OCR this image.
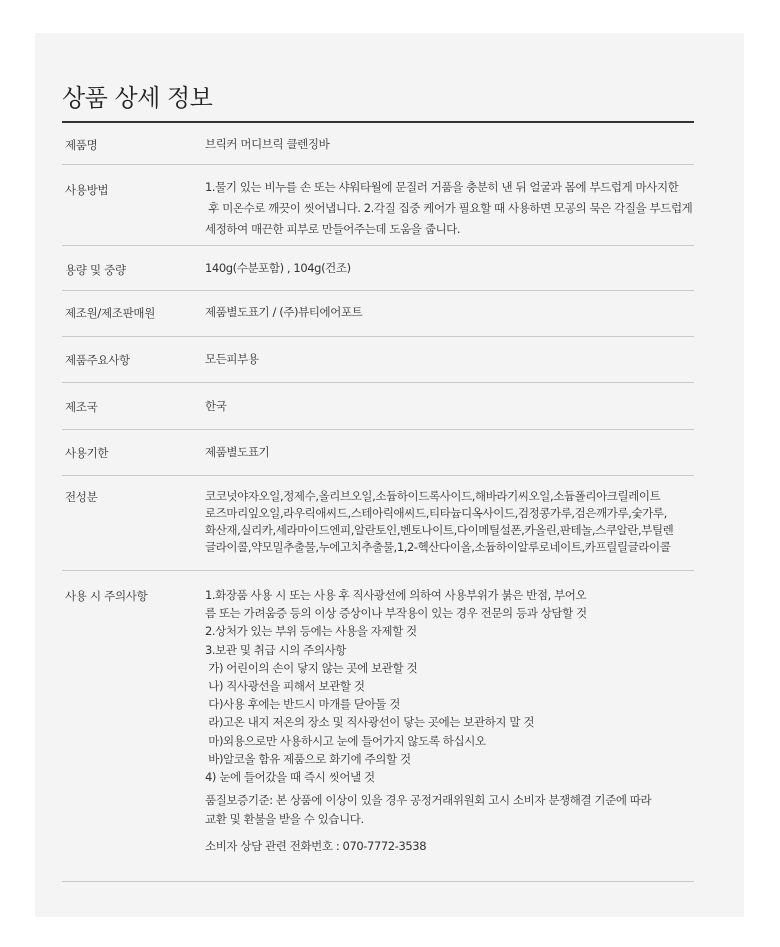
상품 상세 정보
제품명	브릭커 머디브릭 클렌징바
사용방법	1.물기 있는 비누를 손 또는 샤워타월에 문질러 거품을 충분히 낸 뒤 얼굴과 몸에 부드럽게 마사지한
후 미온수로 깨끗이 씻어냅니다. 2.각질 집중 케어가 필요할 때 사용하면 모공의 묵은 각질을 부드럽게
세정하여 매끈한 피부로 만들어주는데 도움을 줍니다.
용량 및 중량	140g(수분포함) , 104g(건조)
제조원/제조판매원	제품별도표기 / (주)뷰티에어포트
제품주요사항	모든피부용
제조국	한국
사용기한	제품별도표기
전성분	코코넛야자오일,정제수,올리브오일,소듐하이드록사이드,해바라기씨오일,소듐폴리아크릴레이트
로즈마리잎오일,라우릭애씨드,스테아릭애씨드,티타늄디옥사이드,검정콩가루,검은깨가루,숯가루,
화산재,실리카,세라마이드엔피,알란토인,벤토나이트,다이메틸설폰,카올린,판테놀,스쿠알란,부틸렌
글라이콜,약모밀추출물,누에고치추출물,1,2-헥산다이올,소듐하이알루로네이트,카프릴릴글라이콜
사용 시 주의사항	1.화장품 사용 시 또는 사용 후 직사광선에 의하여 사용부위가 붉은 반점, 부어오
름 또는 가려움증 등의 이상 증상이나 부작용이 있는 경우 전문의 등과 상담할 것
2.상처가 있는 부위 등에는 사용을 자제할 것
3.보관 및 취급 시의 주의사항
가) 어린이의 손이 닿지 않는 곳에 보관할 것
나) 직사광선을 피해서 보관할 것
다)사용 후에는 반드시 마개를 닫아둘 것
라)고온 내지 저온의 장소 및 직사광선이 닿는 곳에는 보관하지 말 것
마)외용으로만 사용하시고 눈에 들어가지 않도록 하십시오
바)알코올 함유 제품으로 화기에 주의할 것
4) 눈에 들어갔을 때 즉시 씻어낼 것
품질보증기준: 본 상품에 이상이 있을 경우 공정거래위원회 고시 소비자 분쟁해결 기준에 따라
교환 및 환불을 받을 수 있습니다.
소비자 상담 관련 전화번호 : 070-7772-3538
